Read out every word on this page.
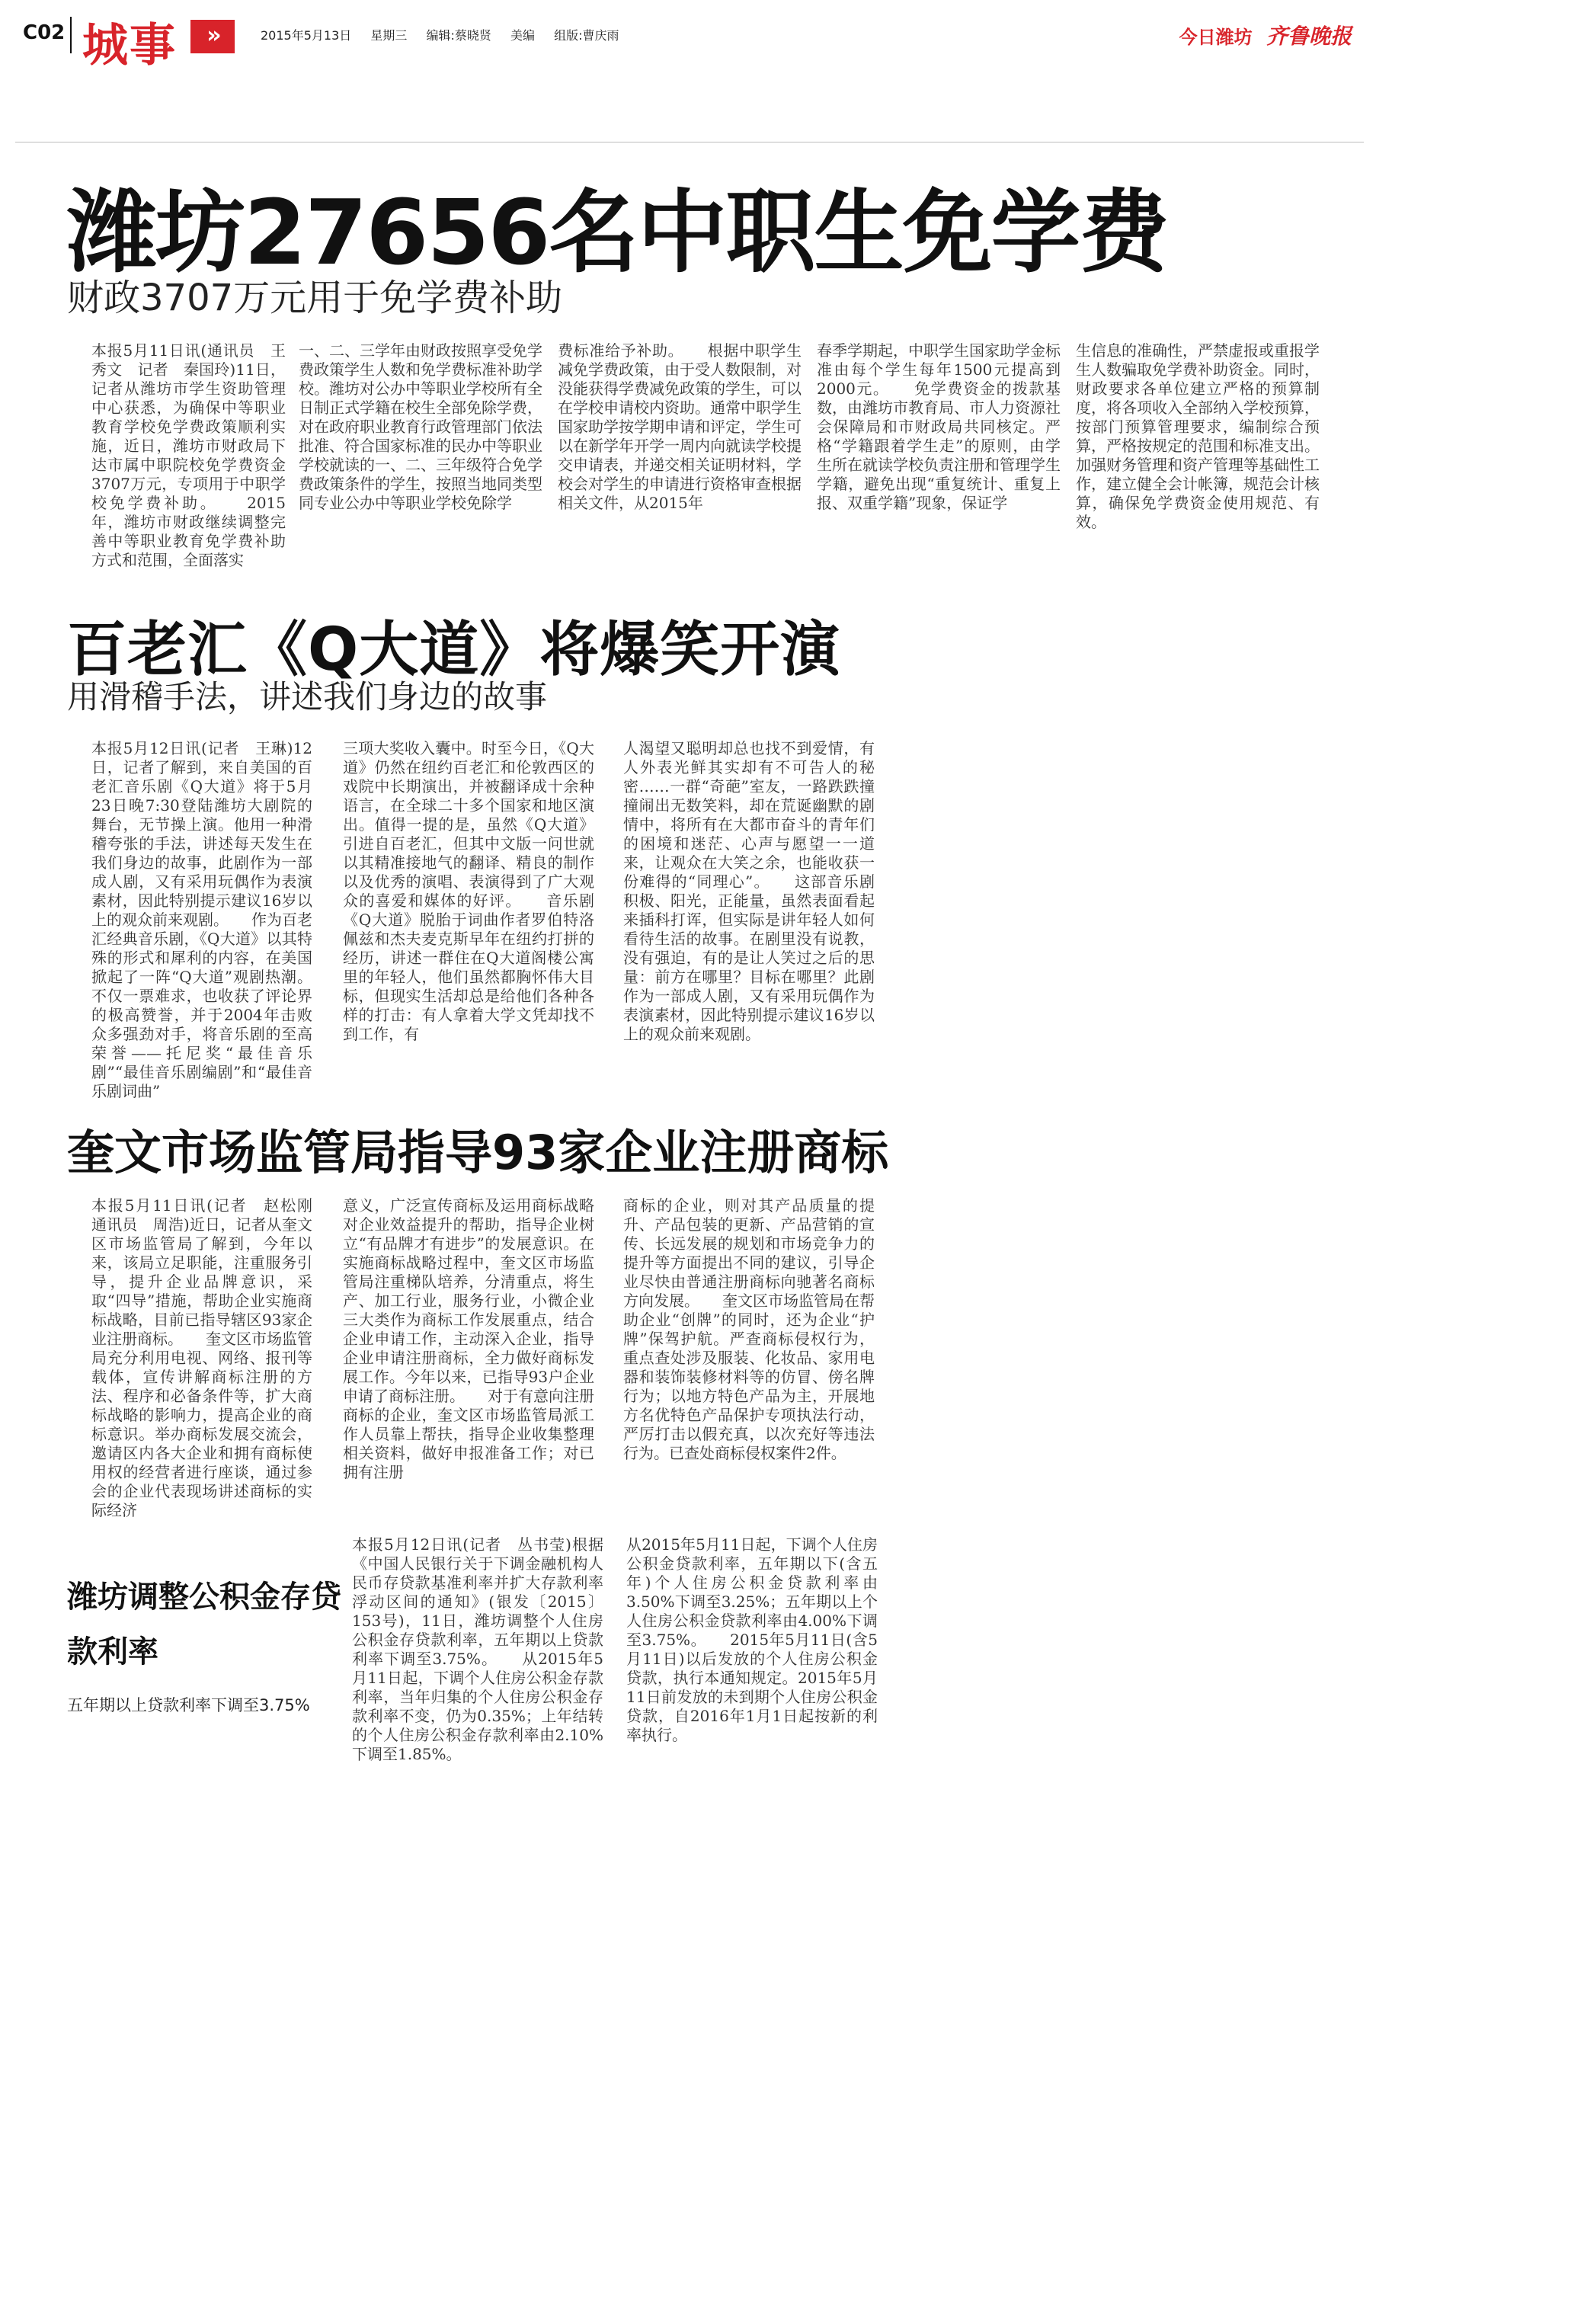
C02 城事	»	2015年5月13日 星期三 编辑:蔡晓贤 美编 组版:曹庆雨	今日潍坊 齐鲁晚报
潍坊27656名中职生免学费
财政3707万元用于免学费补助
本报5月11日讯(通讯员　王秀文　记者　秦国玲)11日，记者从潍坊市学生资助管理中心获悉，为确保中等职业教育学校免学费政策顺利实施，近日，潍坊市财政局下达市属中职院校免学费资金3707万元，专项用于中职学校免学费补助。　　2015年，潍坊市财政继续调整完善中等职业教育免学费补助方式和范围，全面落实
一、二、三学年由财政按照享受免学费政策学生人数和免学费标准补助学校。潍坊对公办中等职业学校所有全日制正式学籍在校生全部免除学费，对在政府职业教育行政管理部门依法批准、符合国家标准的民办中等职业学校就读的一、二、三年级符合免学费政策条件的学生，按照当地同类型同专业公办中等职业学校免除学
费标准给予补助。　　根据中职学生减免学费政策，由于受人数限制，对没能获得学费减免政策的学生，可以在学校申请校内资助。通常中职学生国家助学按学期申请和评定，学生可以在新学年开学一周内向就读学校提交申请表，并递交相关证明材料，学校会对学生的申请进行资格审查根据相关文件，从2015年
春季学期起，中职学生国家助学金标准由每个学生每年1500元提高到2000元。　　免学费资金的拨款基数，由潍坊市教育局、市人力资源社会保障局和市财政局共同核定。严格“学籍跟着学生走”的原则，由学生所在就读学校负责注册和管理学生学籍，避免出现“重复统计、重复上报、双重学籍”现象，保证学
生信息的准确性，严禁虚报或重报学生人数骗取免学费补助资金。同时，财政要求各单位建立严格的预算制度，将各项收入全部纳入学校预算，按部门预算管理要求，编制综合预算，严格按规定的范围和标准支出。加强财务管理和资产管理等基础性工作，建立健全会计帐簿，规范会计核算，确保免学费资金使用规范、有效。
百老汇《Q大道》将爆笑开演
用滑稽手法，讲述我们身边的故事
本报5月12日讯(记者　王琳)12日，记者了解到，来自美国的百老汇音乐剧《Q大道》将于5月23日晚7:30登陆潍坊大剧院的舞台，无节操上演。他用一种滑稽夸张的手法，讲述每天发生在我们身边的故事，此剧作为一部成人剧，又有采用玩偶作为表演素材，因此特别提示建议16岁以上的观众前来观剧。　　作为百老汇经典音乐剧，《Q大道》以其特殊的形式和犀利的内容，在美国掀起了一阵“Q大道”观剧热潮。不仅一票难求，也收获了评论界的极高赞誉，并于2004年击败众多强劲对手，将音乐剧的至高荣誉——托尼奖“最佳音乐剧”“最佳音乐剧编剧”和“最佳音乐剧词曲”
三项大奖收入囊中。时至今日，《Q大道》仍然在纽约百老汇和伦敦西区的戏院中长期演出，并被翻译成十余种语言，在全球二十多个国家和地区演出。值得一提的是，虽然《Q大道》引进自百老汇，但其中文版一问世就以其精准接地气的翻译、精良的制作以及优秀的演唱、表演得到了广大观众的喜爱和媒体的好评。　　音乐剧《Q大道》脱胎于词曲作者罗伯特洛佩兹和杰夫麦克斯早年在纽约打拼的经历，讲述一群住在Q大道阁楼公寓里的年轻人，他们虽然都胸怀伟大目标，但现实生活却总是给他们各种各样的打击：有人拿着大学文凭却找不到工作，有
人渴望又聪明却总也找不到爱情，有人外表光鲜其实却有不可告人的秘密……一群“奇葩”室友，一路跌跌撞撞闹出无数笑料，却在荒诞幽默的剧情中，将所有在大都市奋斗的青年们的困境和迷茫、心声与愿望一一道来，让观众在大笑之余，也能收获一份难得的“同理心”。　　这部音乐剧积极、阳光，正能量，虽然表面看起来插科打诨，但实际是讲年轻人如何看待生活的故事。在剧里没有说教，没有强迫，有的是让人笑过之后的思量：前方在哪里？目标在哪里？此剧作为一部成人剧，又有采用玩偶作为表演素材，因此特别提示建议16岁以上的观众前来观剧。
奎文市场监管局指导93家企业注册商标
本报5月11日讯(记者　赵松刚　通讯员　周浩)近日，记者从奎文区市场监管局了解到，今年以来，该局立足职能，注重服务引导，提升企业品牌意识，采取“四导”措施，帮助企业实施商标战略，目前已指导辖区93家企业注册商标。　　奎文区市场监管局充分利用电视、网络、报刊等载体，宣传讲解商标注册的方法、程序和必备条件等，扩大商标战略的影响力，提高企业的商标意识。举办商标发展交流会，邀请区内各大企业和拥有商标使用权的经营者进行座谈，通过参会的企业代表现场讲述商标的实际经济
意义，广泛宣传商标及运用商标战略对企业效益提升的帮助，指导企业树立“有品牌才有进步”的发展意识。在实施商标战略过程中，奎文区市场监管局注重梯队培养，分清重点，将生产、加工行业，服务行业，小微企业三大类作为商标工作发展重点，结合企业申请工作，主动深入企业，指导企业申请注册商标，全力做好商标发展工作。今年以来，已指导93户企业申请了商标注册。　　对于有意向注册商标的企业，奎文区市场监管局派工作人员靠上帮扶，指导企业收集整理相关资料，做好申报准备工作；对已拥有注册
商标的企业，则对其产品质量的提升、产品包装的更新、产品营销的宣传、长远发展的规划和市场竞争力的提升等方面提出不同的建议，引导企业尽快由普通注册商标向驰著名商标方向发展。　　奎文区市场监管局在帮助企业“创牌”的同时，还为企业“护牌”保驾护航。严查商标侵权行为，重点查处涉及服装、化妆品、家用电器和装饰装修材料等的仿冒、傍名牌行为；以地方特色产品为主，开展地方名优特色产品保护专项执法行动，严厉打击以假充真，以次充好等违法行为。已查处商标侵权案件2件。
潍坊调整公积金存贷款利率
五年期以上贷款利率下调至3.75%
本报5月12日讯(记者　丛书莹)根据《中国人民银行关于下调金融机构人民币存贷款基准利率并扩大存款利率浮动区间的通知》(银发〔2015〕153号)，11日，潍坊调整个人住房公积金存贷款利率，五年期以上贷款利率下调至3.75%。　　从2015年5月11日起，下调个人住房公积金存款利率，当年归集的个人住房公积金存款利率不变，仍为0.35%；上年结转的个人住房公积金存款利率由2.10%下调至1.85%。
从2015年5月11日起，下调个人住房公积金贷款利率，五年期以下(含五年)个人住房公积金贷款利率由3.50%下调至3.25%；五年期以上个人住房公积金贷款利率由4.00%下调至3.75%。　　2015年5月11日(含5月11日)以后发放的个人住房公积金贷款，执行本通知规定。2015年5月11日前发放的未到期个人住房公积金贷款，自2016年1月1日起按新的利率执行。
